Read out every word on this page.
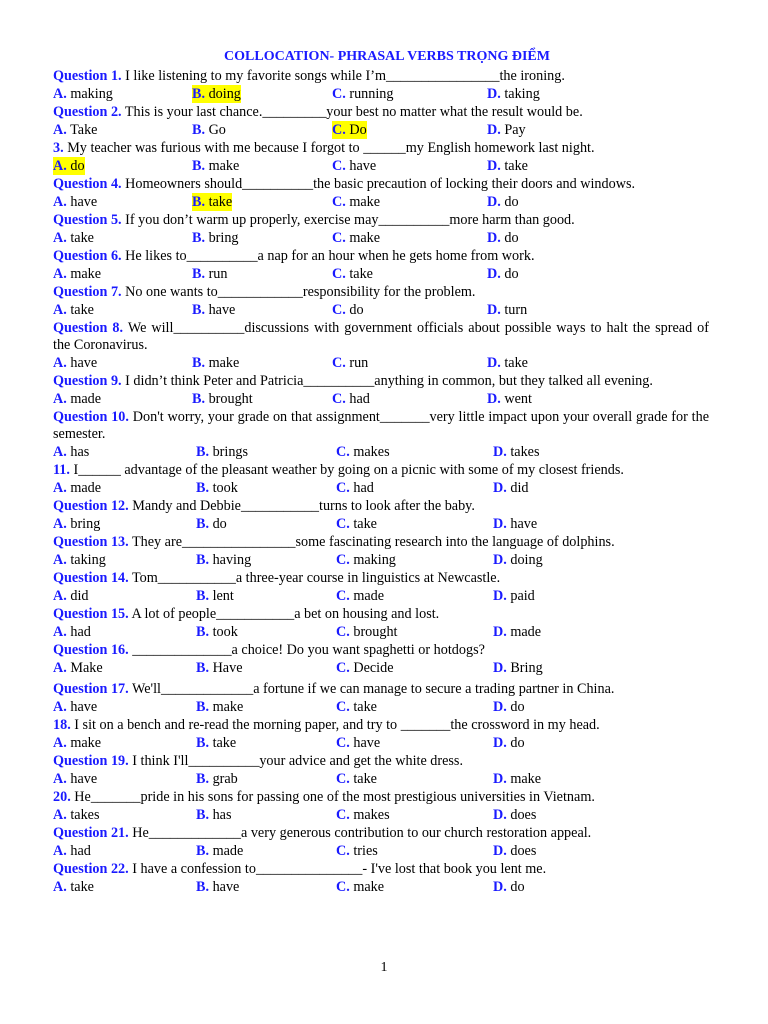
COLLOCATION- PHRASAL VERBS TRỌNG ĐIỂM
Question 1. I like listening to my favorite songs while I’m________________the ironing.
A. making	B. doing	C. running	D. taking
Question 2. This is your last chance._________your best no matter what the result would be.
A. Take	B. Go	C. Do	D. Pay
3. My teacher was furious with me because I forgot to ______my English homework last night.
A. do	B. make	C. have	D. take
Question 4. Homeowners should__________the basic precaution of locking their doors and windows.
A. have	B. take	C. make	D. do
Question 5. If you don’t warm up properly, exercise may__________more harm than good.
A. take	B. bring	C. make	D. do
Question 6. He likes to__________a nap for an hour when he gets home from work.
A. make	B. run	C. take	D. do
Question 7. No one wants to____________responsibility for the problem.
A. take	B. have	C. do	D. turn
Question 8. We will__________discussions with government officials about possible ways to halt the spread of the Coronavirus.
A. have	B. make	C. run	D. take
Question 9. I didn’t think Peter and Patricia__________anything in common, but they talked all evening.
A. made	B. brought	C. had	D. went
Question 10. Don't worry, your grade on that assignment_______very little impact upon your overall grade for the semester.
A. has	B. brings	C. makes	D. takes
11. I______ advantage of the pleasant weather by going on a picnic with some of my closest friends.
A. made	B. took	C. had	D. did
Question 12. Mandy and Debbie___________turns to look after the baby.
A. bring	B. do	C. take	D. have
Question 13. They are________________some fascinating research into the language of dolphins.
A. taking	B. having	C. making	D. doing
Question 14. Tom___________a three-year course in linguistics at Newcastle.
A. did	B. lent	C. made	D. paid
Question 15. A lot of people___________a bet on housing and lost.
A. had	B. took	C. brought	D. made
Question 16. ______________a choice! Do you want spaghetti or hotdogs?
A. Make	B. Have	C. Decide	D. Bring
Question 17. We'll_____________a fortune if we can manage to secure a trading partner in China.
A. have	B. make	C. take	D. do
18. I sit on a bench and re-read the morning paper, and try to _______the crossword in my head.
A. make	B. take	C. have	D. do
Question 19. I think I'll__________your advice and get the white dress.
A. have	B. grab	C. take	D. make
20. He_______pride in his sons for passing one of the most prestigious universities in Vietnam.
A. takes	B. has	C. makes	D. does
Question 21. He_____________a very generous contribution to our church restoration appeal.
A. had	B. made	C. tries	D. does
Question 22. I have a confession to_______________- I've lost that book you lent me.
A. take	B. have	C. make	D. do
1
